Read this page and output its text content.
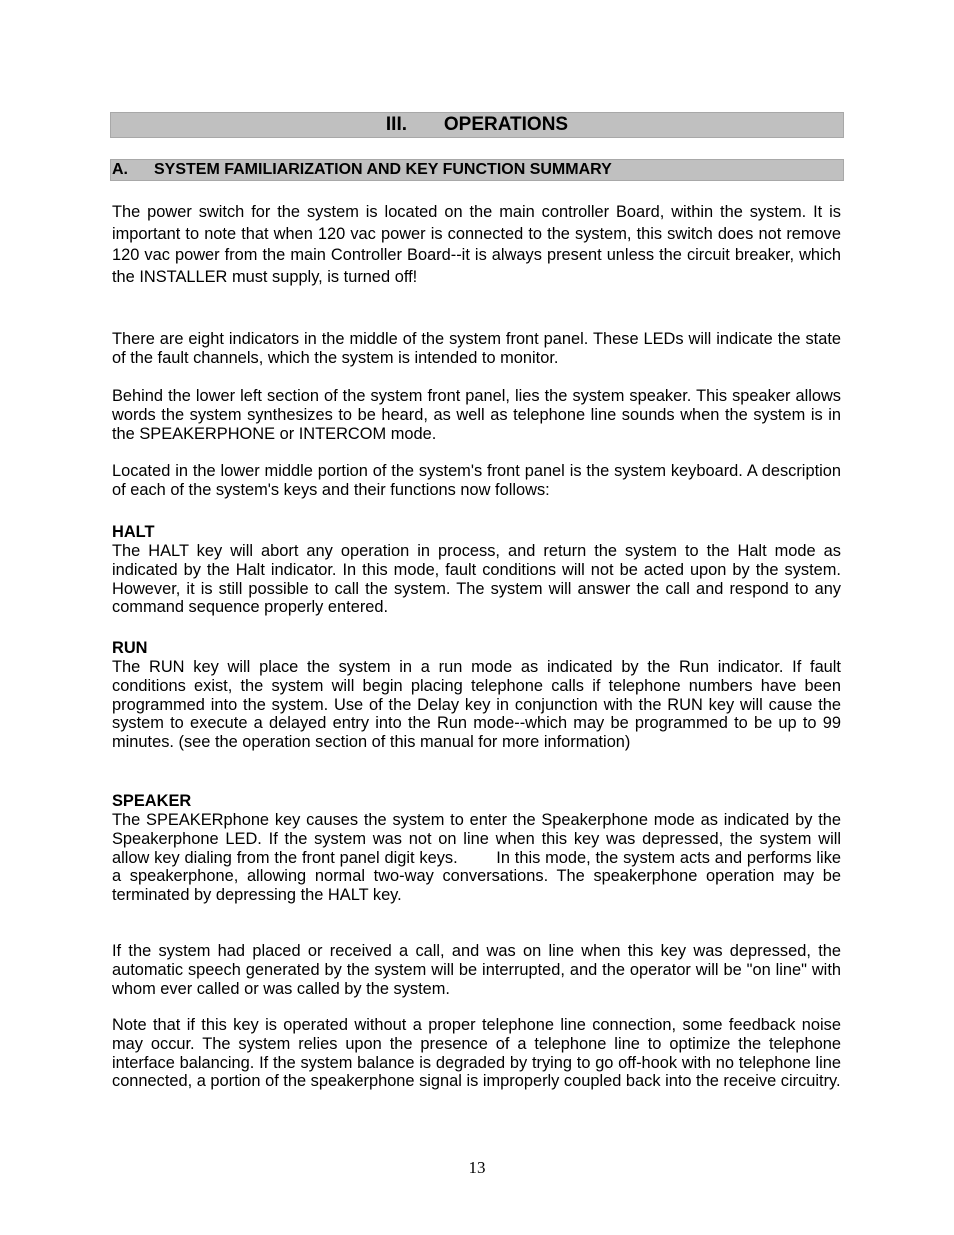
III. OPERATIONS
A. SYSTEM FAMILIARIZATION AND KEY FUNCTION SUMMARY

The power switch for the system is located on the main controller Board, within the system. It is important to note that when 120 vac power is connected to the system, this switch does not remove 120 vac power from the main Controller Board--it is always present unless the circuit breaker, which the INSTALLER must supply, is turned off!

There are eight indicators in the middle of the system front panel. These LEDs will indicate the state of the fault channels, which the system is intended to monitor.

Behind the lower left section of the system front panel, lies the system speaker. This speaker allows words the system synthesizes to be heard, as well as telephone line sounds when the system is in the SPEAKERPHONE or INTERCOM mode.

Located in the lower middle portion of the system's front panel is the system keyboard. A description of each of the system's keys and their functions now follows:

HALT

The HALT key will abort any operation in process, and return the system to the Halt mode as indicated by the Halt indicator. In this mode, fault conditions will not be acted upon by the system. However, it is still possible to call the system. The system will answer the call and respond to any command sequence properly entered.

RUN

The RUN key will place the system in a run mode as indicated by the Run indicator. If fault conditions exist, the system will begin placing telephone calls if telephone numbers have been programmed into the system. Use of the Delay key in conjunction with the RUN key will cause the system to execute a delayed entry into the Run mode--which may be programmed to be up to 99 minutes. (see the operation section of this manual for more information)

SPEAKER

The SPEAKERphone key causes the system to enter the Speakerphone mode as indicated by the Speakerphone LED. If the system was not on line when this key was depressed, the system will allow key dialing from the front panel digit keys.        In this mode, the system acts and performs like a speakerphone, allowing normal two-way conversations. The speakerphone operation may be terminated by depressing the HALT key.

If the system had placed or received a call, and was on line when this key was depressed, the automatic speech generated by the system will be interrupted, and the operator will be "on line" with whom ever called or was called by the system.

Note that if this key is operated without a proper telephone line connection, some feedback noise may occur. The system relies upon the presence of a telephone line to optimize the telephone interface balancing. If the system balance is degraded by trying to go off-hook with no telephone line connected, a portion of the speakerphone signal is improperly coupled back into the receive circuitry.

13
